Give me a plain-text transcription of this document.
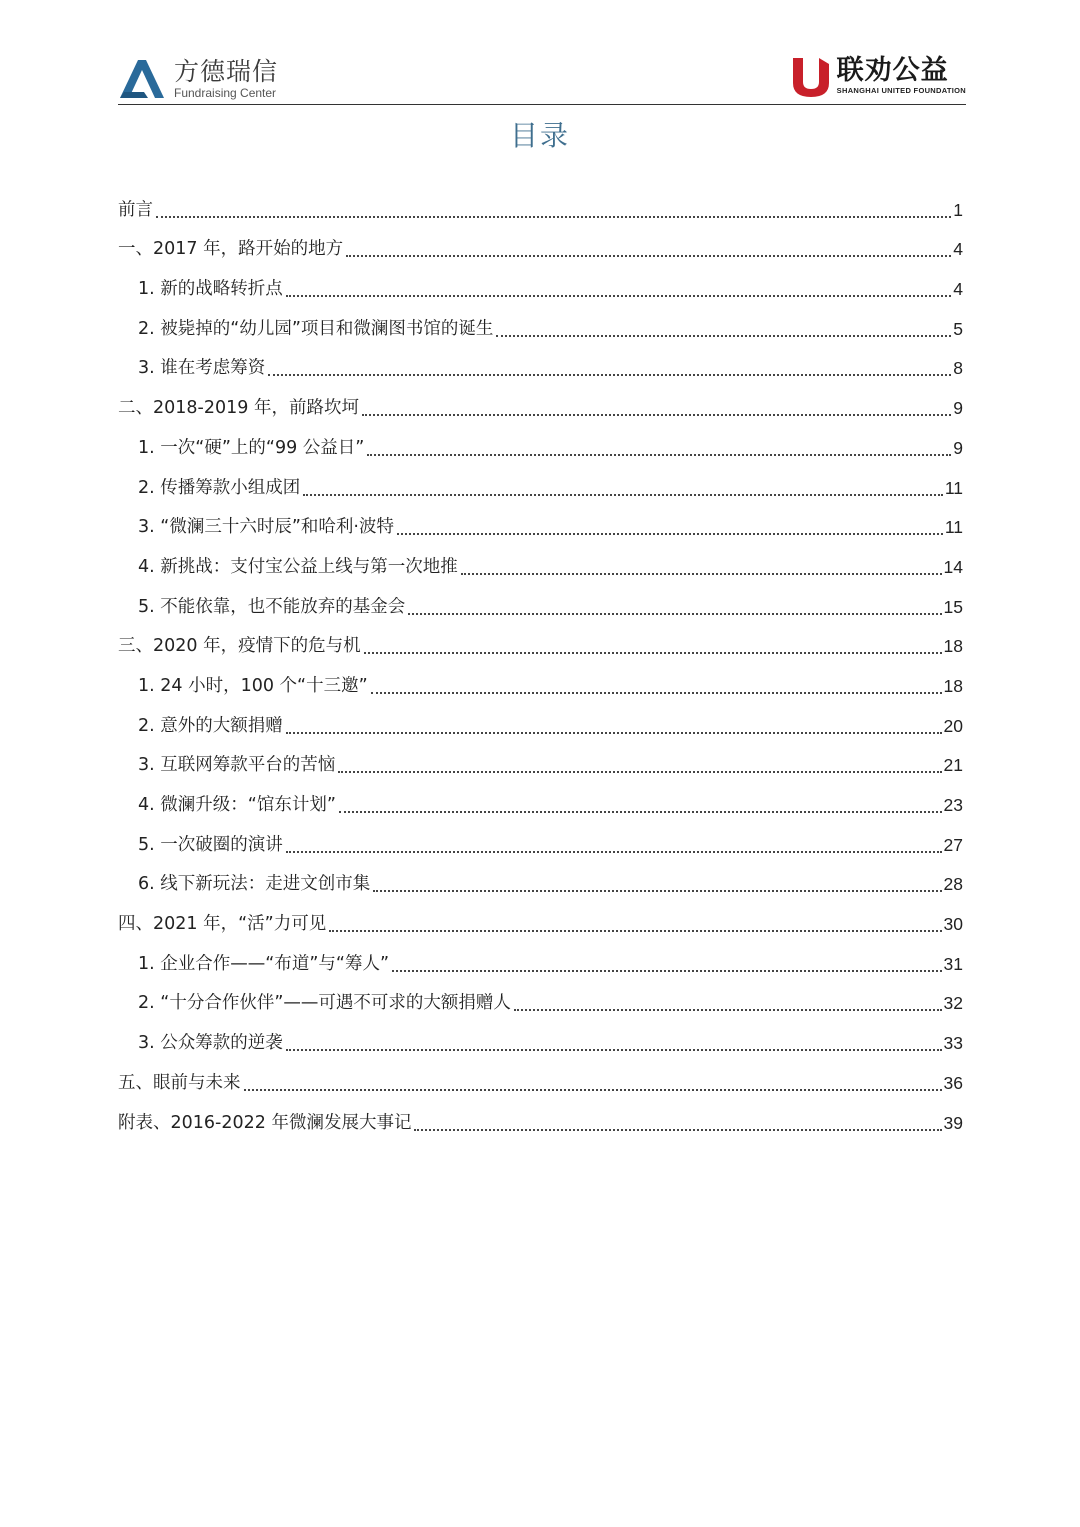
方德瑞信
Fundraising Center
联劝公益
SHANGHAI UNITED FOUNDATION
目录
前言	1
一、2017 年，路开始的地方	4
1. 新的战略转折点	4
2. 被毙掉的“幼儿园”项目和微澜图书馆的诞生	5
3. 谁在考虑筹资	8
二、2018-2019 年，前路坎坷	9
1. 一次“硬”上的“99 公益日”	9
2. 传播筹款小组成团	11
3. “微澜三十六时辰”和哈利·波特	11
4. 新挑战：支付宝公益上线与第一次地推	14
5. 不能依靠，也不能放弃的基金会	15
三、2020 年，疫情下的危与机	18
1. 24 小时，100 个“十三邀”	18
2. 意外的大额捐赠	20
3. 互联网筹款平台的苦恼	21
4. 微澜升级：“馆东计划”	23
5. 一次破圈的演讲	27
6. 线下新玩法：走进文创市集	28
四、2021 年，“活”力可见	30
1. 企业合作——“布道”与“筹人”	31
2. “十分合作伙伴”——可遇不可求的大额捐赠人	32
3. 公众筹款的逆袭	33
五、眼前与未来	36
附表、2016-2022 年微澜发展大事记	39
